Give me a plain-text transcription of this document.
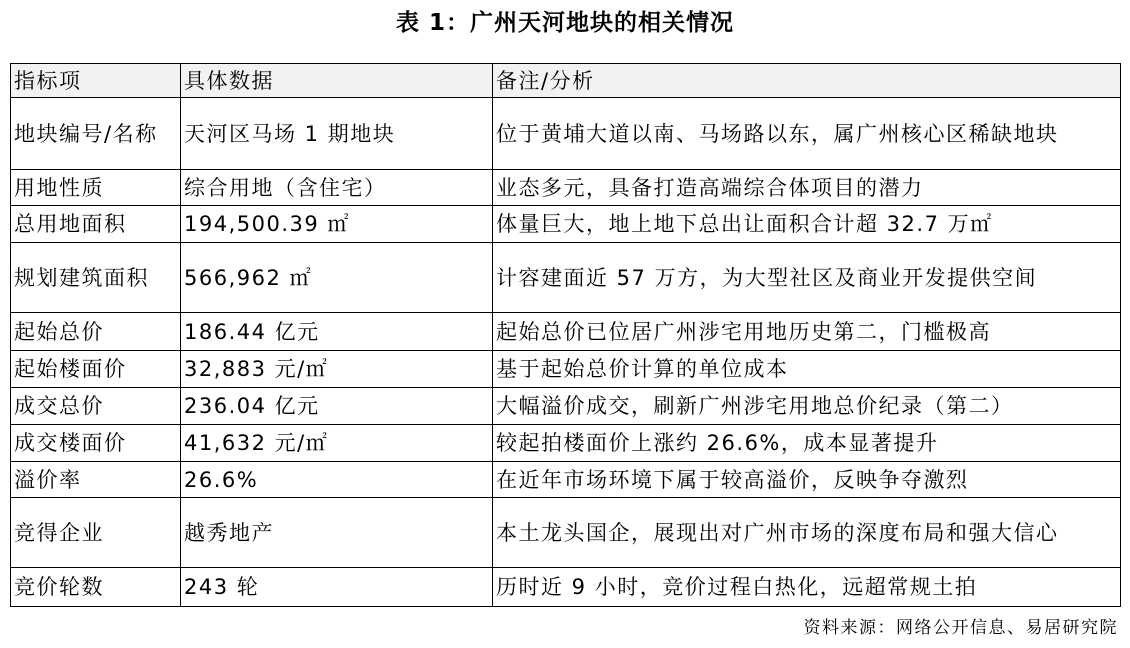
表 1：广州天河地块的相关情况
指标项	具体数据	备注/分析
地块编号/名称	天河区马场 1 期地块	位于黄埔大道以南、马场路以东，属广州核心区稀缺地块
用地性质	综合用地（含住宅）	业态多元，具备打造高端综合体项目的潜力
总用地面积	194,500.39 ㎡	体量巨大，地上地下总出让面积合计超 32.7 万㎡
规划建筑面积	566,962 ㎡	计容建面近 57 万方，为大型社区及商业开发提供空间
起始总价	186.44 亿元	起始总价已位居广州涉宅用地历史第二，门槛极高
起始楼面价	32,883 元/㎡	基于起始总价计算的单位成本
成交总价	236.04 亿元	大幅溢价成交，刷新广州涉宅用地总价纪录（第二）
成交楼面价	41,632 元/㎡	较起拍楼面价上涨约 26.6%，成本显著提升
溢价率	26.6%	在近年市场环境下属于较高溢价，反映争夺激烈
竞得企业	越秀地产	本土龙头国企，展现出对广州市场的深度布局和强大信心
竞价轮数	243 轮	历时近 9 小时，竞价过程白热化，远超常规土拍
资料来源：网络公开信息、易居研究院
